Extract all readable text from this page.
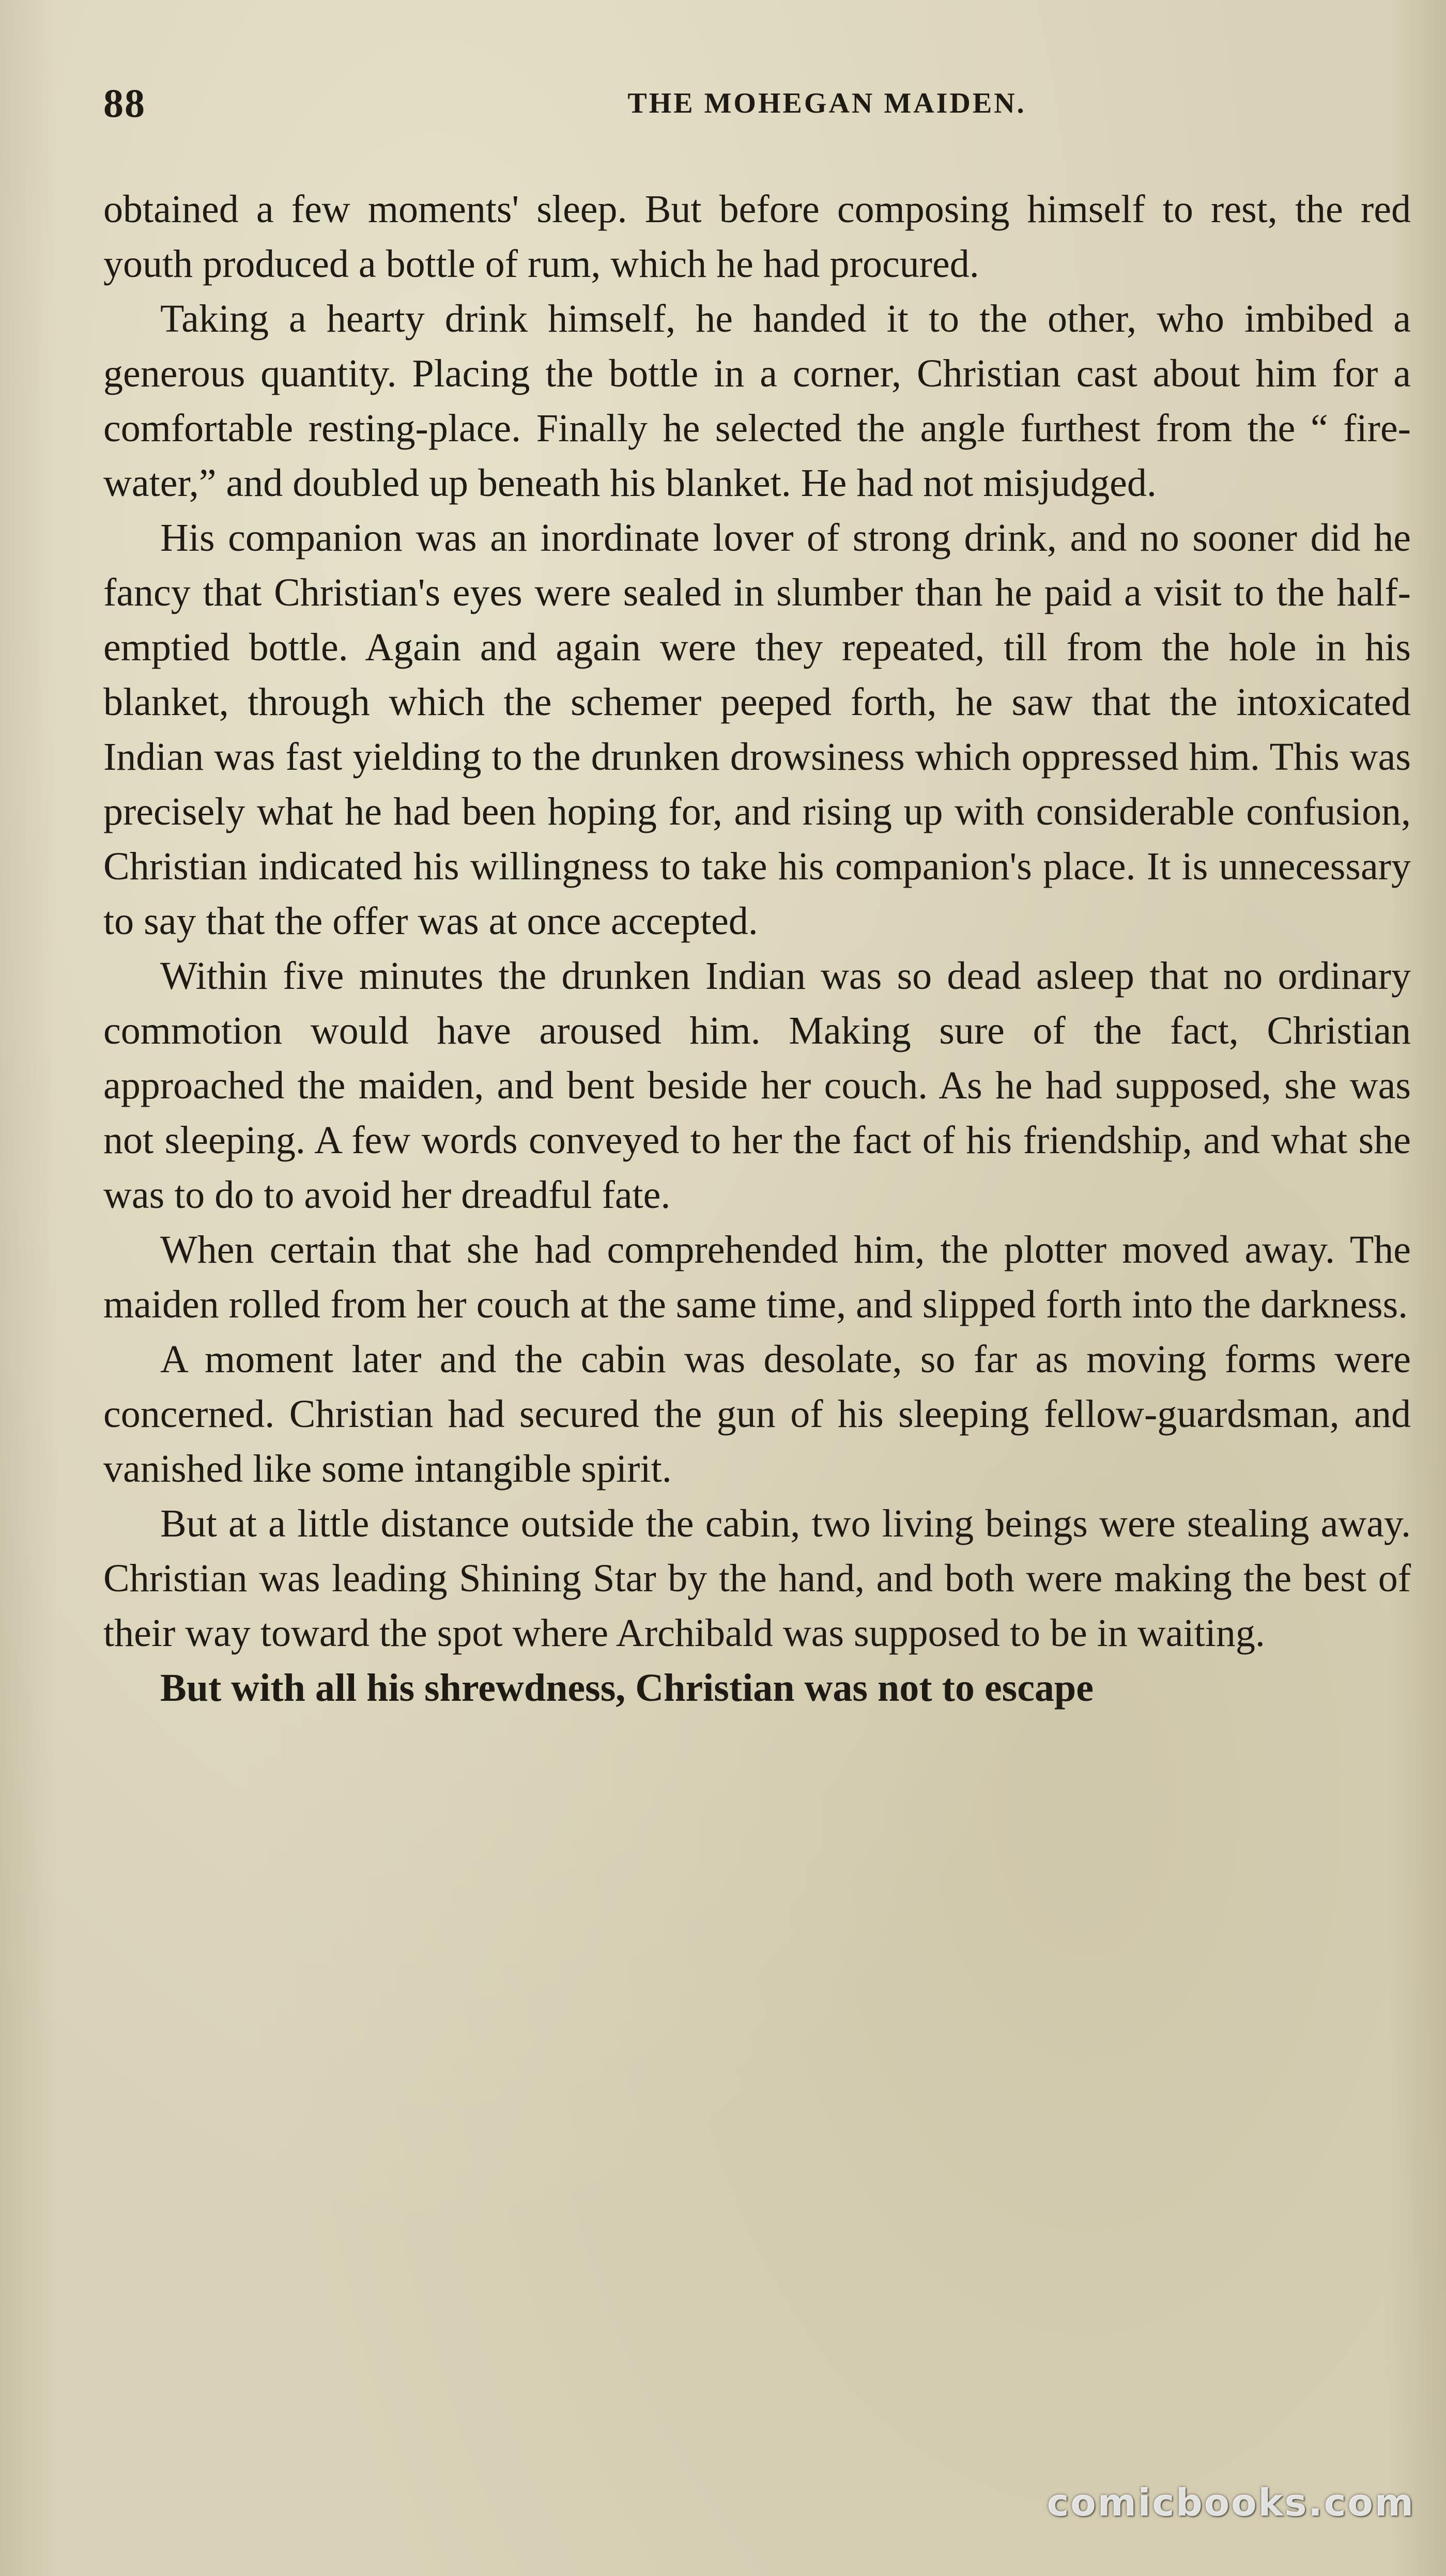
88	THE MOHEGAN MAIDEN.

obtained a few moments' sleep. But before composing himself to rest, the red youth produced a bottle of rum, which he had procured.

Taking a hearty drink himself, he handed it to the other, who imbibed a generous quantity. Placing the bottle in a corner, Christian cast about him for a comfortable resting-place. Finally he selected the angle furthest from the “ fire-water,” and doubled up beneath his blanket. He had not misjudged.

His companion was an inordinate lover of strong drink, and no sooner did he fancy that Christian's eyes were sealed in slumber than he paid a visit to the half-emptied bottle. Again and again were they repeated, till from the hole in his blanket, through which the schemer peeped forth, he saw that the intoxicated Indian was fast yielding to the drunken drowsiness which oppressed him. This was precisely what he had been hoping for, and rising up with considerable confusion, Christian indicated his willingness to take his companion's place. It is unnecessary to say that the offer was at once accepted.

Within five minutes the drunken Indian was so dead asleep that no ordinary commotion would have aroused him. Making sure of the fact, Christian approached the maiden, and bent beside her couch. As he had supposed, she was not sleeping. A few words conveyed to her the fact of his friendship, and what she was to do to avoid her dreadful fate.

When certain that she had comprehended him, the plotter moved away. The maiden rolled from her couch at the same time, and slipped forth into the darkness.

A moment later and the cabin was desolate, so far as moving forms were concerned. Christian had secured the gun of his sleeping fellow-guardsman, and vanished like some intangible spirit.

But at a little distance outside the cabin, two living beings were stealing away. Christian was leading Shining Star by the hand, and both were making the best of their way toward the spot where Archibald was supposed to be in waiting.

But with all his shrewdness, Christian was not to escape

comicbooks.com
